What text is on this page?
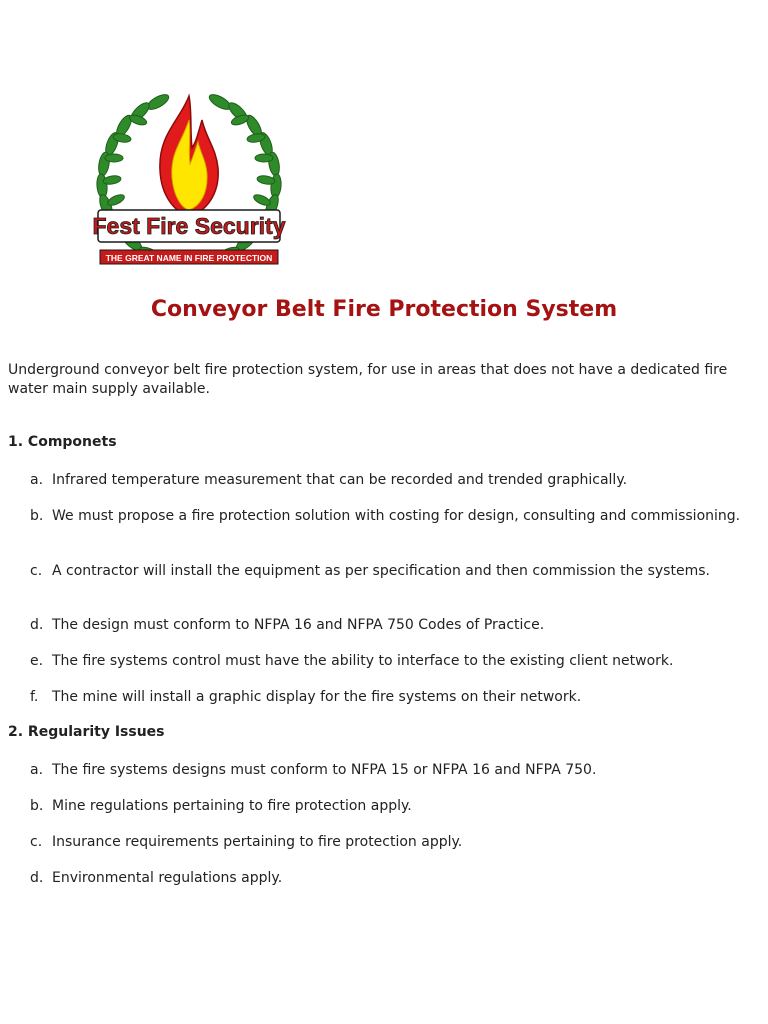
Fest Fire Security
THE GREAT NAME IN FIRE PROTECTION
Conveyor Belt Fire Protection System

Underground conveyor belt fire protection system, for use in areas that does not have a dedicated fire water main supply available.

1. Componets
a. Infrared temperature measurement that can be recorded and trended graphically.
b. We must propose a fire protection solution with costing for design, consulting and commissioning.
c. A contractor will install the equipment as per specification and then commission the systems.
d. The design must conform to NFPA 16 and NFPA 750 Codes of Practice.
e. The fire systems control must have the ability to interface to the existing client network.
f. The mine will install a graphic display for the fire systems on their network.
2. Regularity Issues
a. The fire systems designs must conform to NFPA 15 or NFPA 16 and NFPA 750.
b. Mine regulations pertaining to fire protection apply.
c. Insurance requirements pertaining to fire protection apply.
d. Environmental regulations apply.
